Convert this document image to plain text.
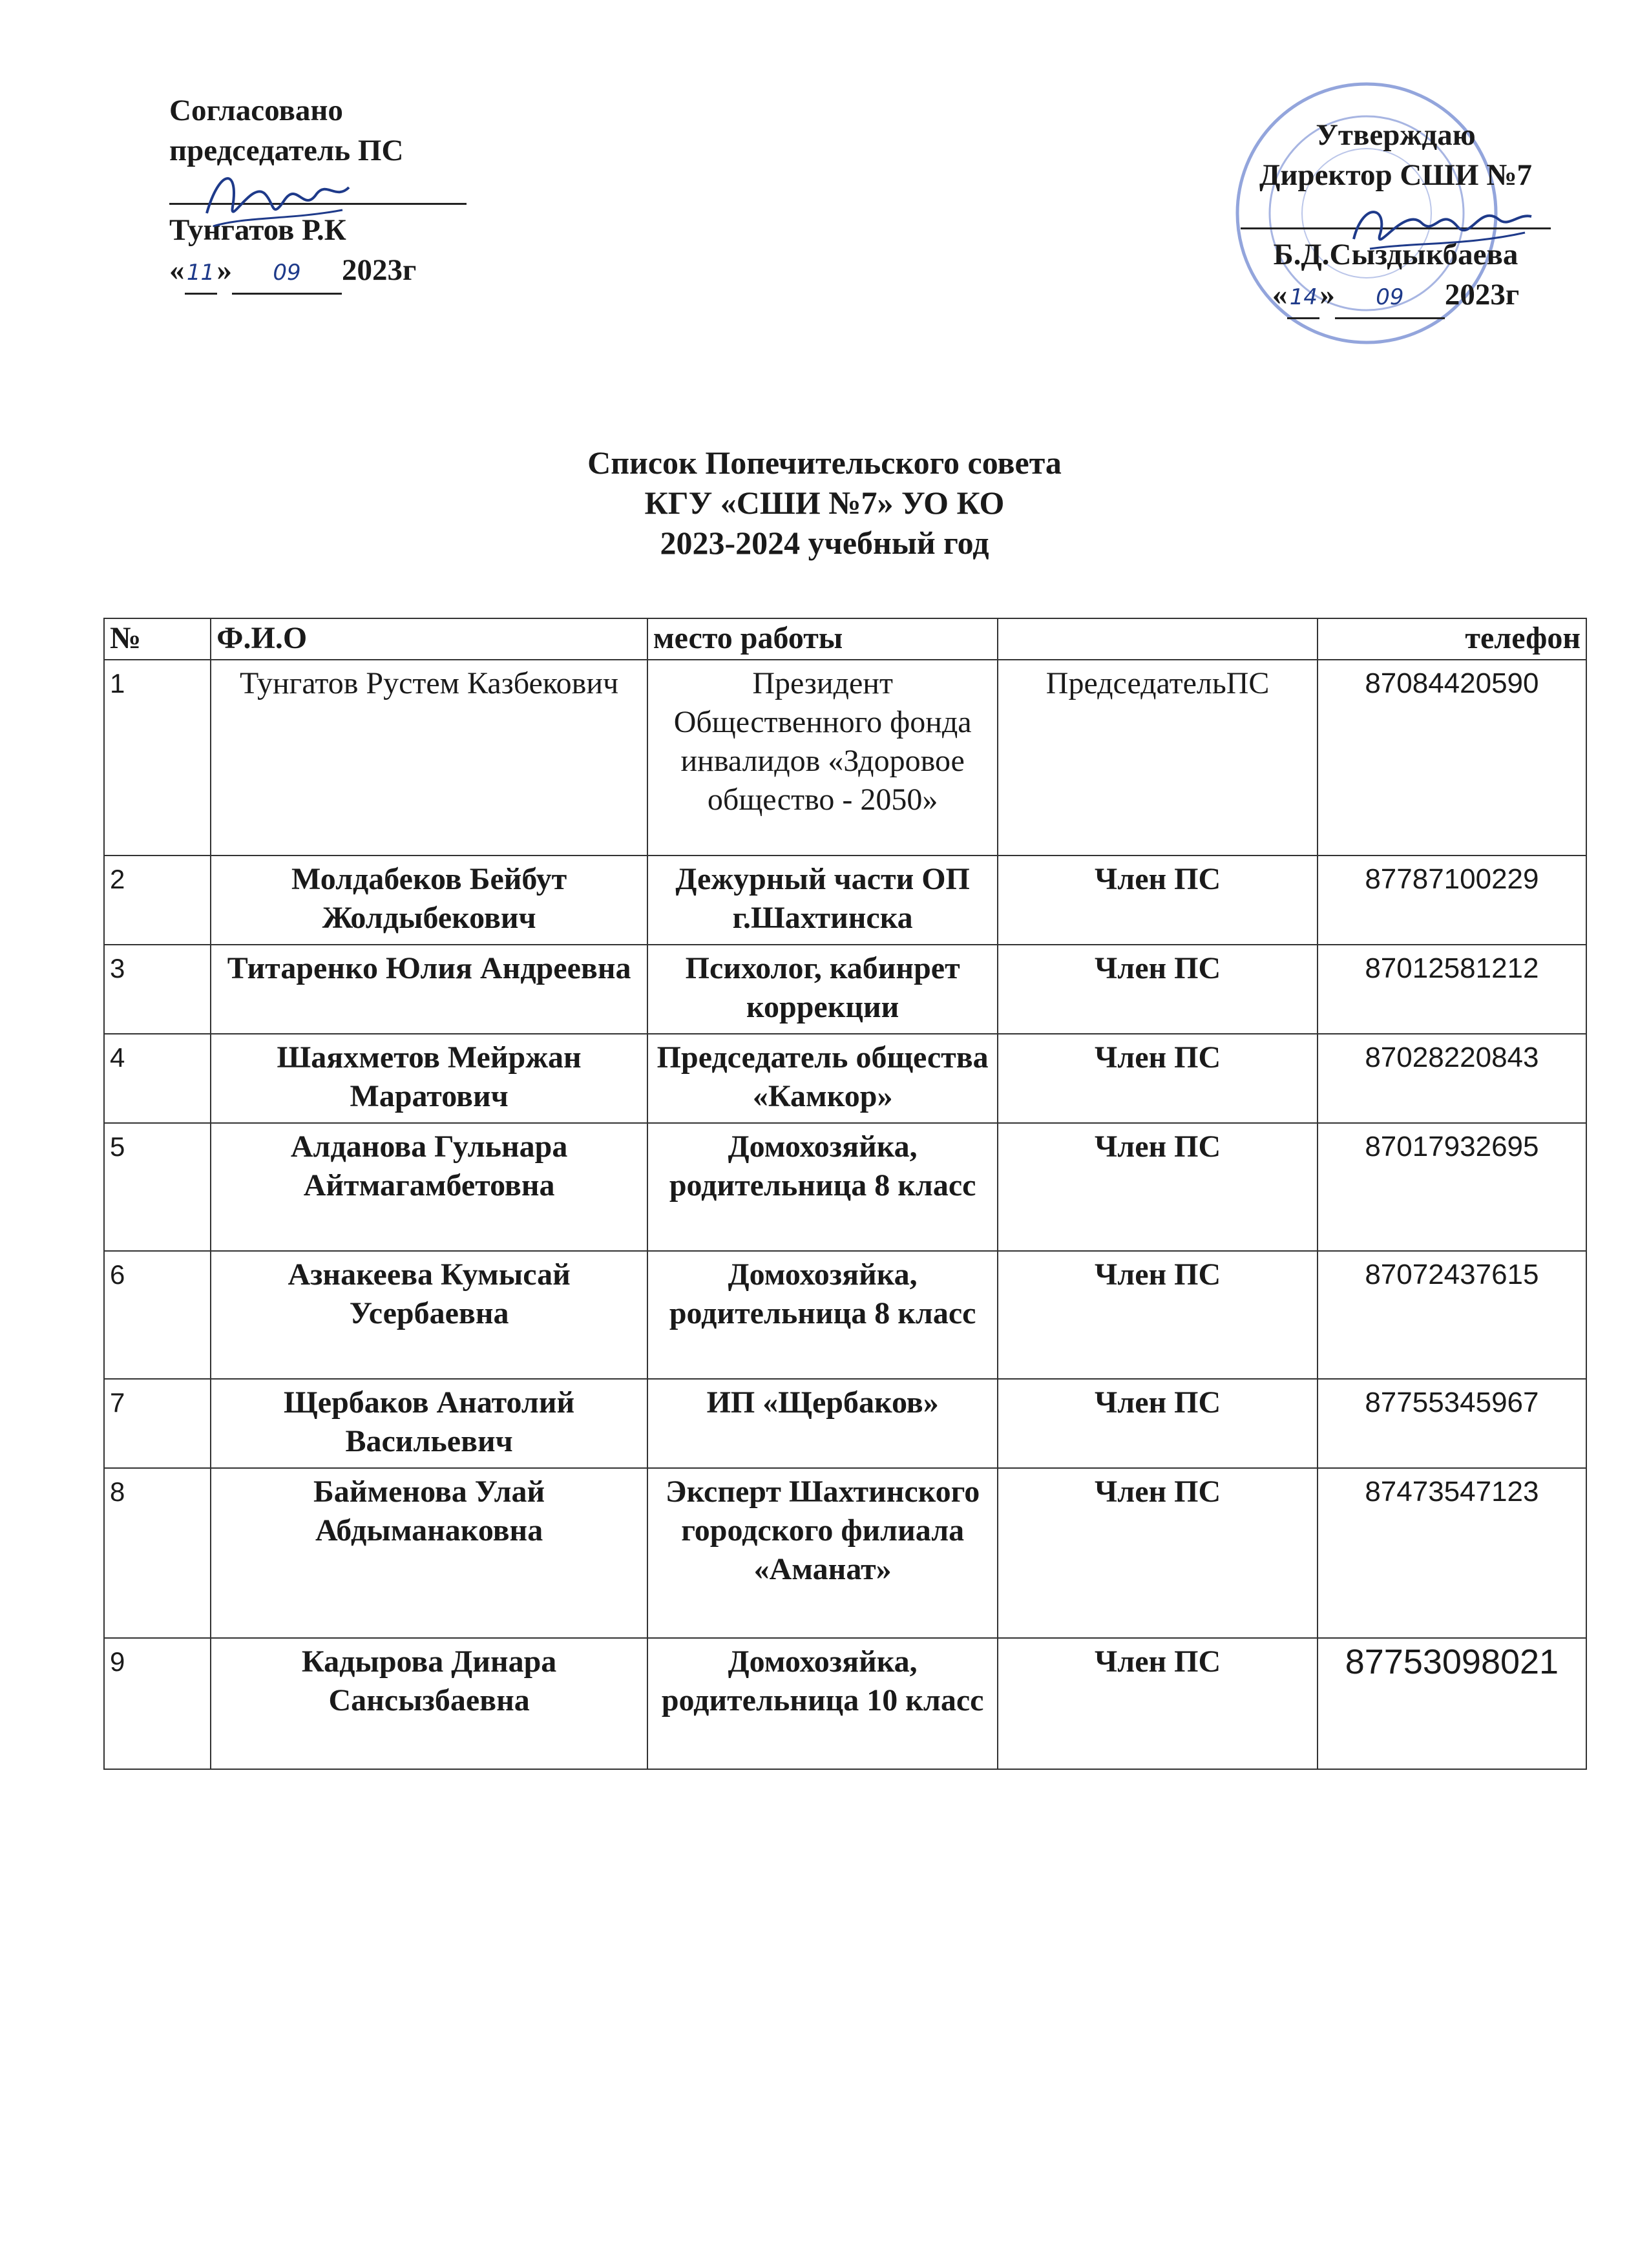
Согласовано
председатель ПС
Тунгатов Р.К
«11» 09 2023г
Утверждаю
Директор СШИ №7
Б.Д.Сыздыкбаева
«14» 09 2023г
Список Попечительского совета
КГУ «СШИ №7» УО КО
2023-2024 учебный год
№	Ф.И.О	место работы		телефон
1	Тунгатов Рустем Казбекович	Президент Общественного фонда инвалидов «Здоровое общество - 2050»	ПредседательПС	87084420590
2	Молдабеков Бейбут Жолдыбекович	Дежурный части ОП г.Шахтинска	Член ПС	87787100229
3	Титаренко Юлия Андреевна	Психолог, кабинрет коррекции	Член ПС	87012581212
4	Шаяхметов Мейржан Маратович	Председатель общества «Камкор»	Член ПС	87028220843
5	Алданова Гульнара Айтмагамбетовна	Домохозяйка, родительница 8 класс	Член ПС	87017932695
6	Азнакеева Кумысай Усербаевна	Домохозяйка, родительница 8 класс	Член ПС	87072437615
7	Щербаков Анатолий Васильевич	ИП «Щербаков»	Член ПС	87755345967
8	Байменова Улай Абдыманаковна	Эксперт Шахтинского городского филиала «Аманат»	Член ПС	87473547123
9	Кадырова Динара Сансызбаевна	Домохозяйка, родительница 10 класс	Член ПС	87753098021
